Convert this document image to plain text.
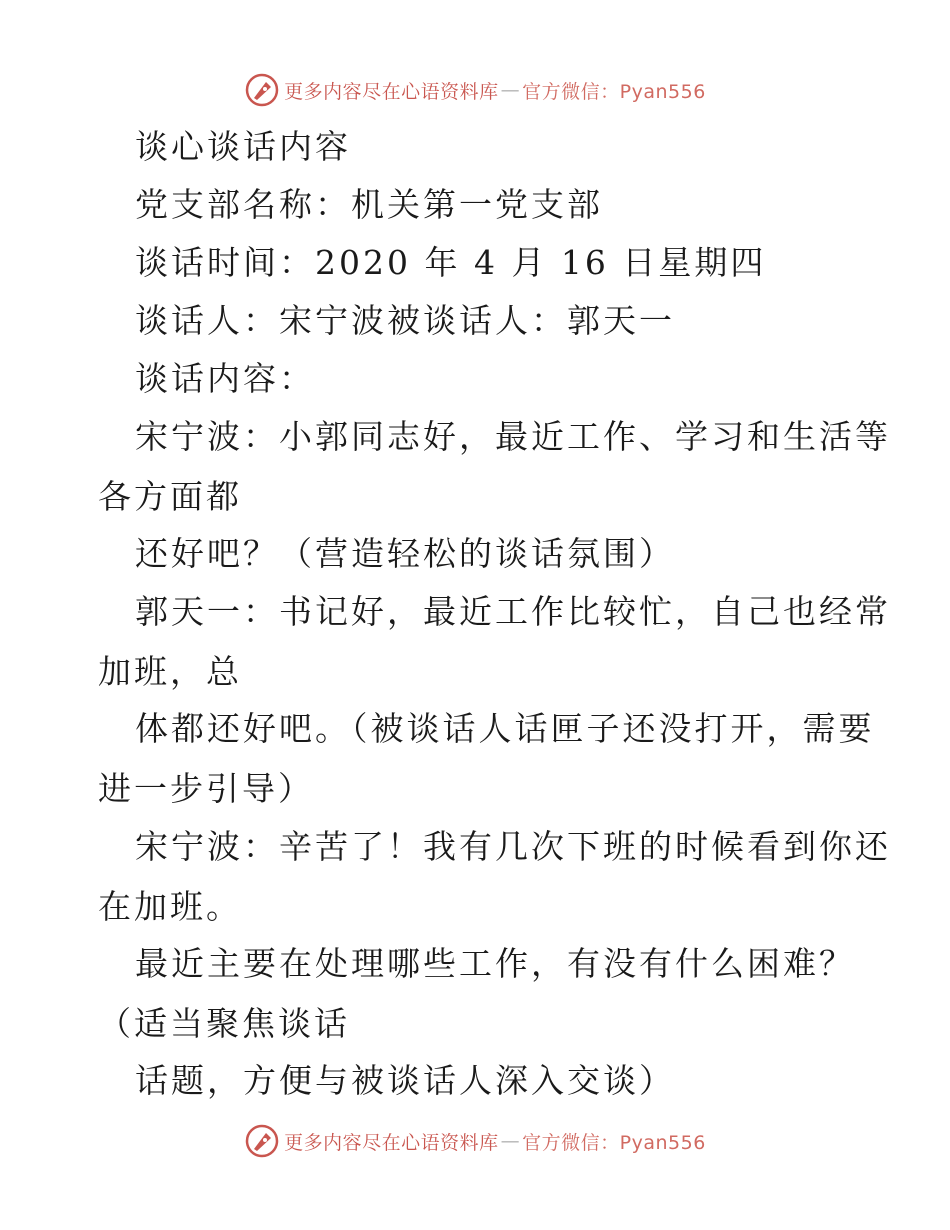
更多内容尽在心语资料库 — 官方微信：Pyan556
谈心谈话内容
党支部名称：机关第一党支部
谈话时间：2020 年 4 月 16 日星期四
谈话人：宋宁波被谈话人：郭天一
谈话内容：
宋宁波：小郭同志好，最近工作、学习和生活等
各方面都
还好吧？（营造轻松的谈话氛围）
郭天一：书记好，最近工作比较忙，自己也经常
加班，总
体都还好吧。（被谈话人话匣子还没打开，需要
进一步引导）
宋宁波：辛苦了！我有几次下班的时候看到你还
在加班。
最近主要在处理哪些工作，有没有什么困难？
（适当聚焦谈话
话题，方便与被谈话人深入交谈）
更多内容尽在心语资料库 — 官方微信：Pyan556
